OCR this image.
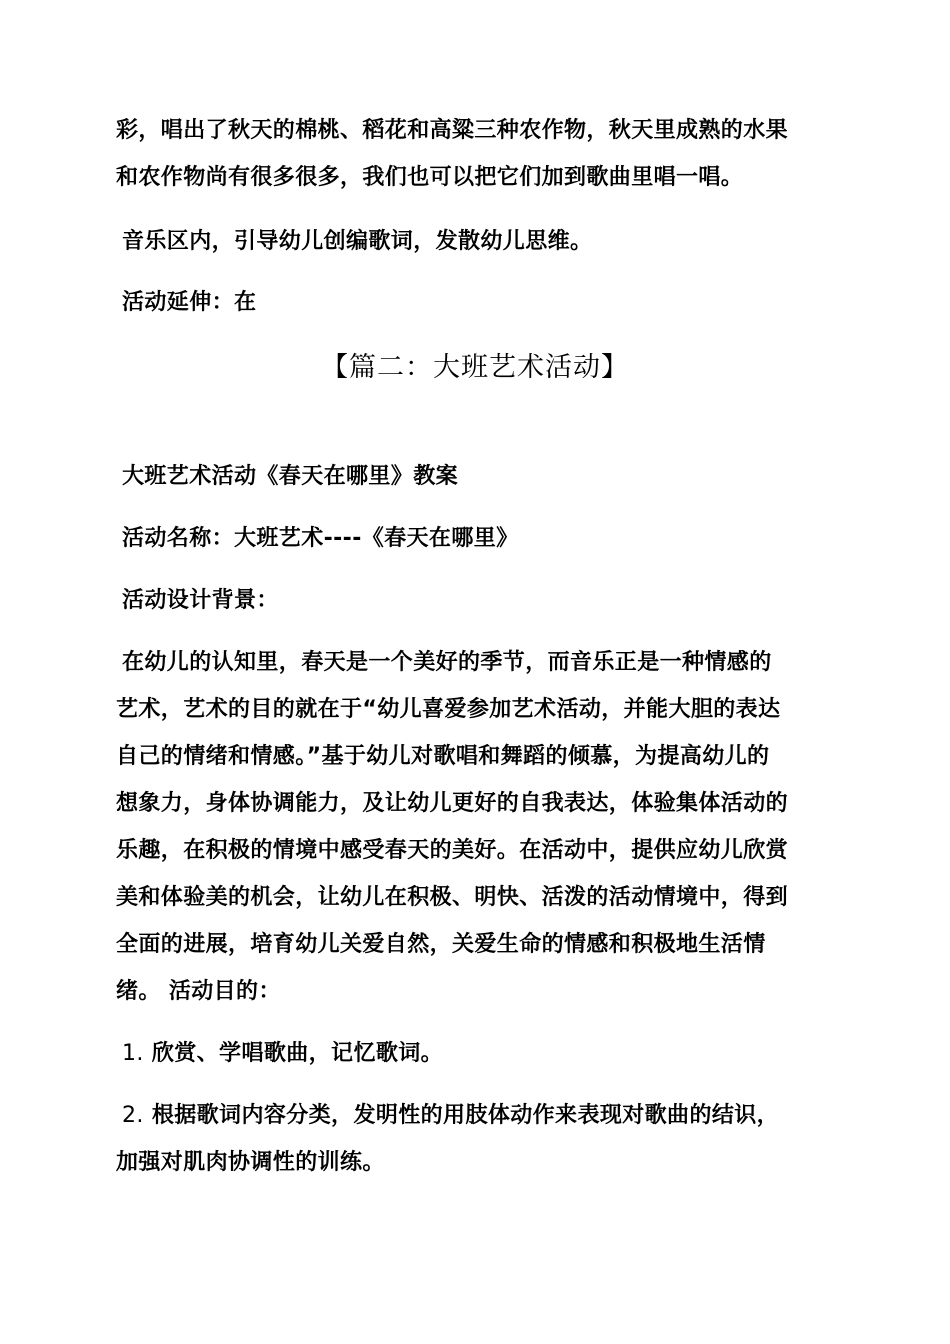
彩，唱出了秋天的棉桃、稻花和高粱三种农作物，秋天里成熟的水果
和农作物尚有很多很多，我们也可以把它们加到歌曲里唱一唱。
音乐区内，引导幼儿创编歌词，发散幼儿思维。
活动延伸：在
【篇二：大班艺术活动】
大班艺术活动《春天在哪里》教案
活动名称：大班艺术----《春天在哪里》
活动设计背景：
在幼儿的认知里，春天是一个美好的季节，而音乐正是一种情感的
艺术，艺术的目的就在于“幼儿喜爱参加艺术活动，并能大胆的表达
自己的情绪和情感。”基于幼儿对歌唱和舞蹈的倾慕，为提高幼儿的
想象力，身体协调能力，及让幼儿更好的自我表达，体验集体活动的
乐趣，在积极的情境中感受春天的美好。在活动中，提供应幼儿欣赏
美和体验美的机会，让幼儿在积极、明快、活泼的活动情境中，得到
全面的进展，培育幼儿关爱自然，关爱生命的情感和积极地生活情
绪。 活动目的：
1. 欣赏、学唱歌曲，记忆歌词。
2. 根据歌词内容分类，发明性的用肢体动作来表现对歌曲的结识，
加强对肌肉协调性的训练。
